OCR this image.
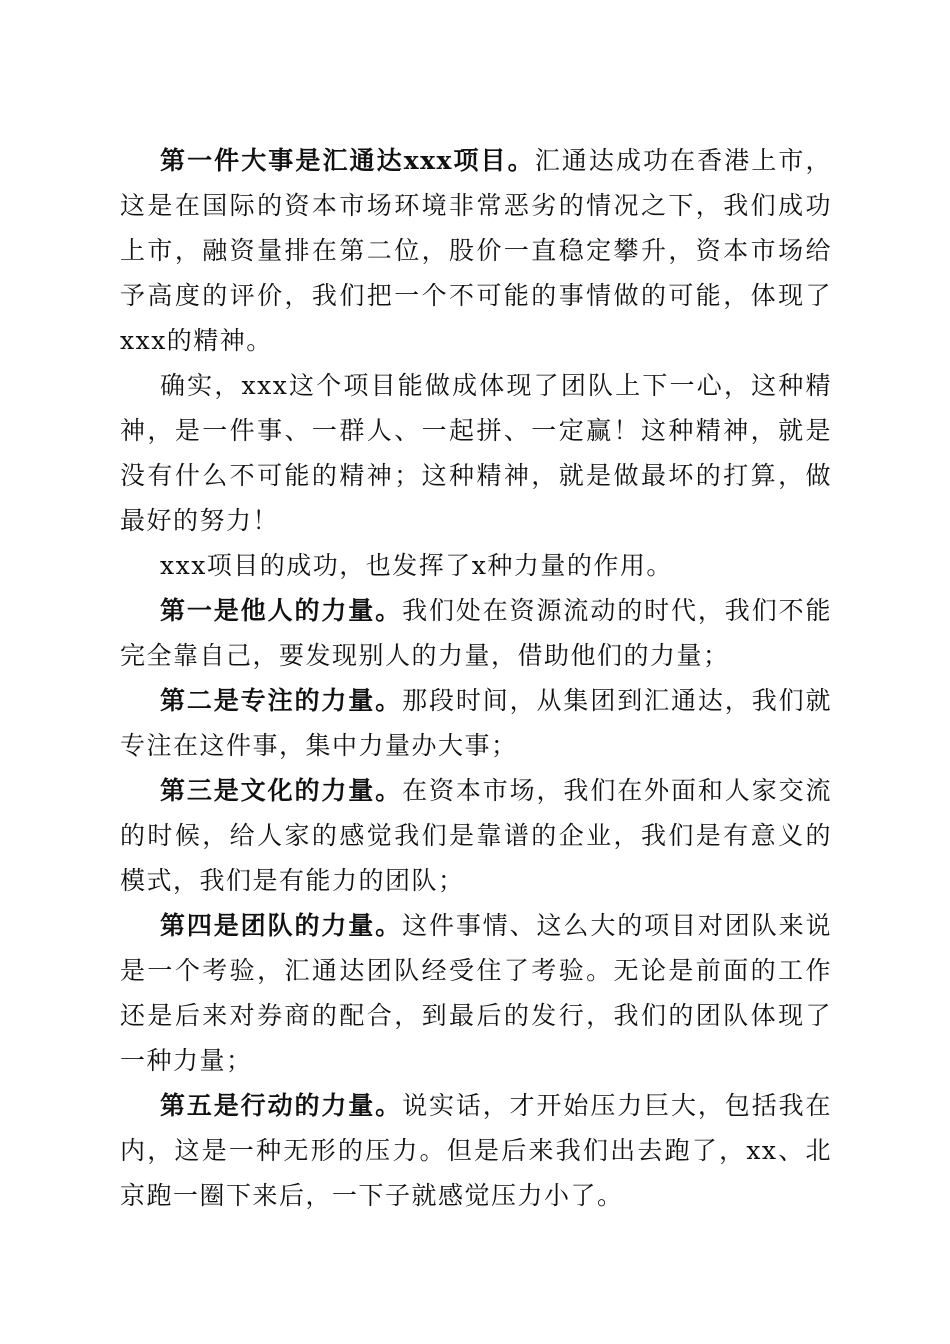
第一件大事是汇通达xxx项目。汇通达成功在香港上市，这是在国际的资本市场环境非常恶劣的情况之下，我们成功上市，融资量排在第二位，股价一直稳定攀升，资本市场给予高度的评价，我们把一个不可能的事情做的可能，体现了xxx的精神。

确实，xxx这个项目能做成体现了团队上下一心，这种精神，是一件事、一群人、一起拼、一定赢！这种精神，就是没有什么不可能的精神；这种精神，就是做最坏的打算，做最好的努力！

xxx项目的成功，也发挥了x种力量的作用。

第一是他人的力量。我们处在资源流动的时代，我们不能完全靠自己，要发现别人的力量，借助他们的力量；

第二是专注的力量。那段时间，从集团到汇通达，我们就专注在这件事，集中力量办大事；

第三是文化的力量。在资本市场，我们在外面和人家交流的时候，给人家的感觉我们是靠谱的企业，我们是有意义的模式，我们是有能力的团队；

第四是团队的力量。这件事情、这么大的项目对团队来说是一个考验，汇通达团队经受住了考验。无论是前面的工作还是后来对券商的配合，到最后的发行，我们的团队体现了一种力量；

第五是行动的力量。说实话，才开始压力巨大，包括我在内，这是一种无形的压力。但是后来我们出去跑了，xx、北京跑一圈下来后，一下子就感觉压力小了。
